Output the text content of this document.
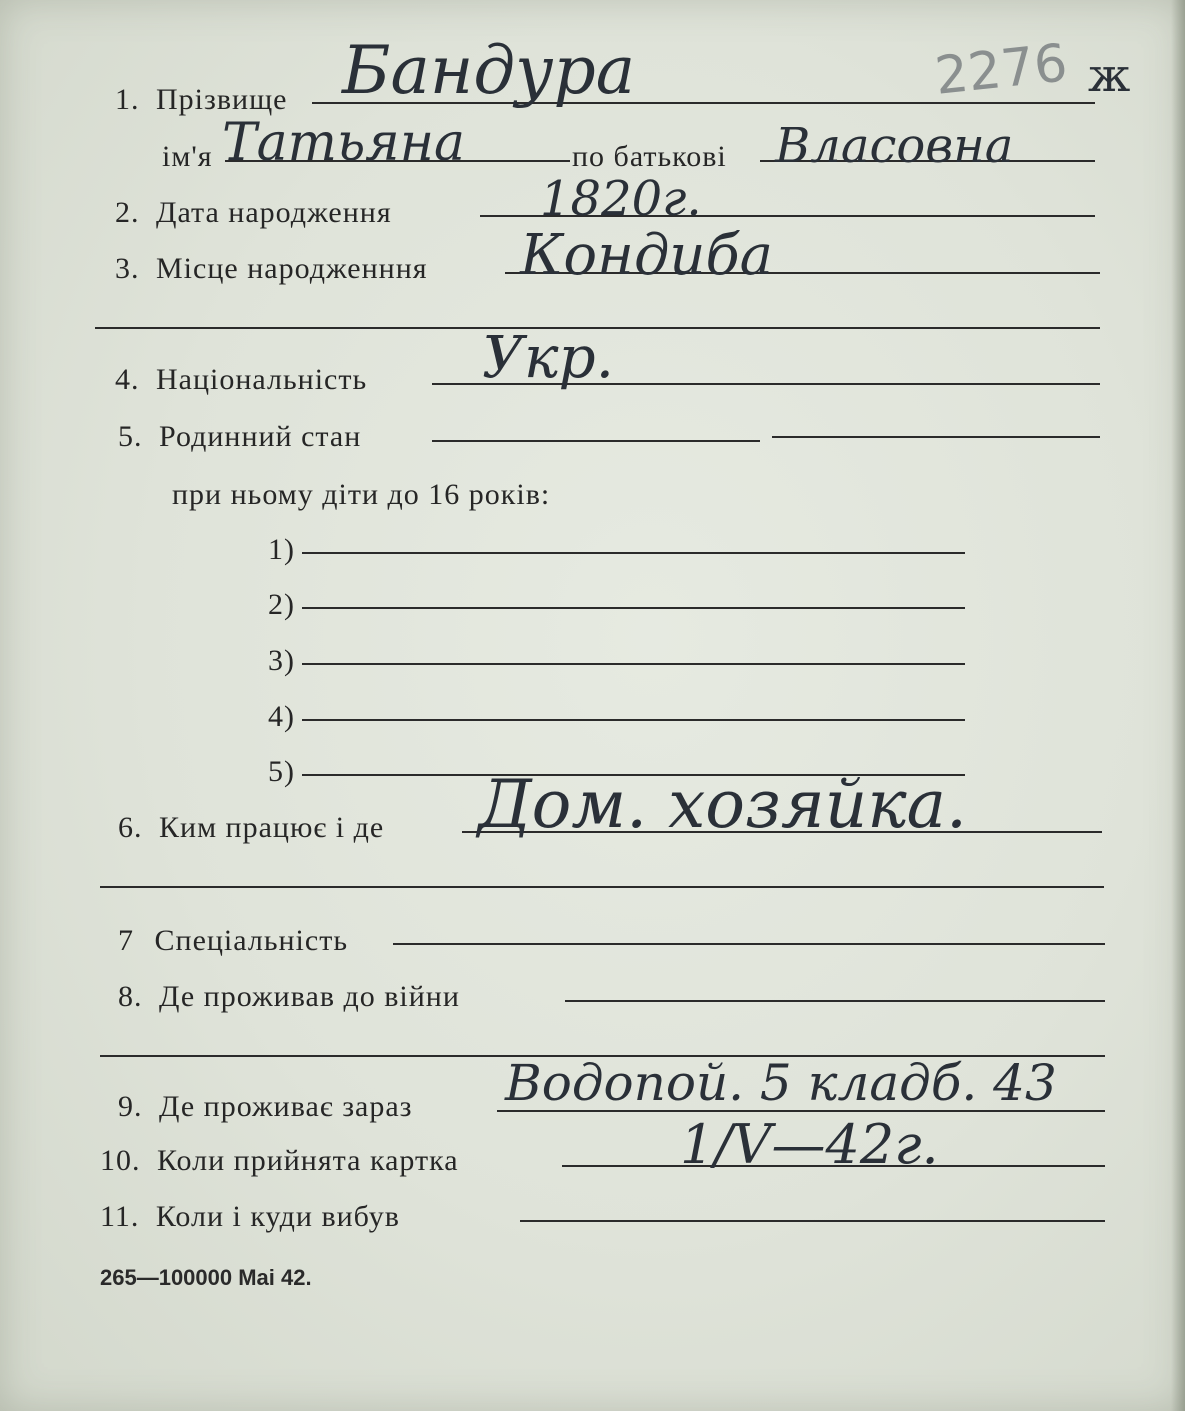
2276 ж
1. Прізвище Бандура
ім'я Татьяна	по батькові Власовна
2. Дата народження	1820г.
3. Місце народженння Кондиба
4. Національність Укр.
5. Родинний стан
при ньому діти до 16 років:
1)
2)
3)
4)
5)
6. Ким працює і де Дом. хозяйка.
7 Спеціальність
8. Де проживав до війни
9. Де проживає зараз Водопой. 5 кладб. 43
10. Коли прийнята картка	1/V—42г.
11. Коли і куди вибув
265—100000 Mai 42.
